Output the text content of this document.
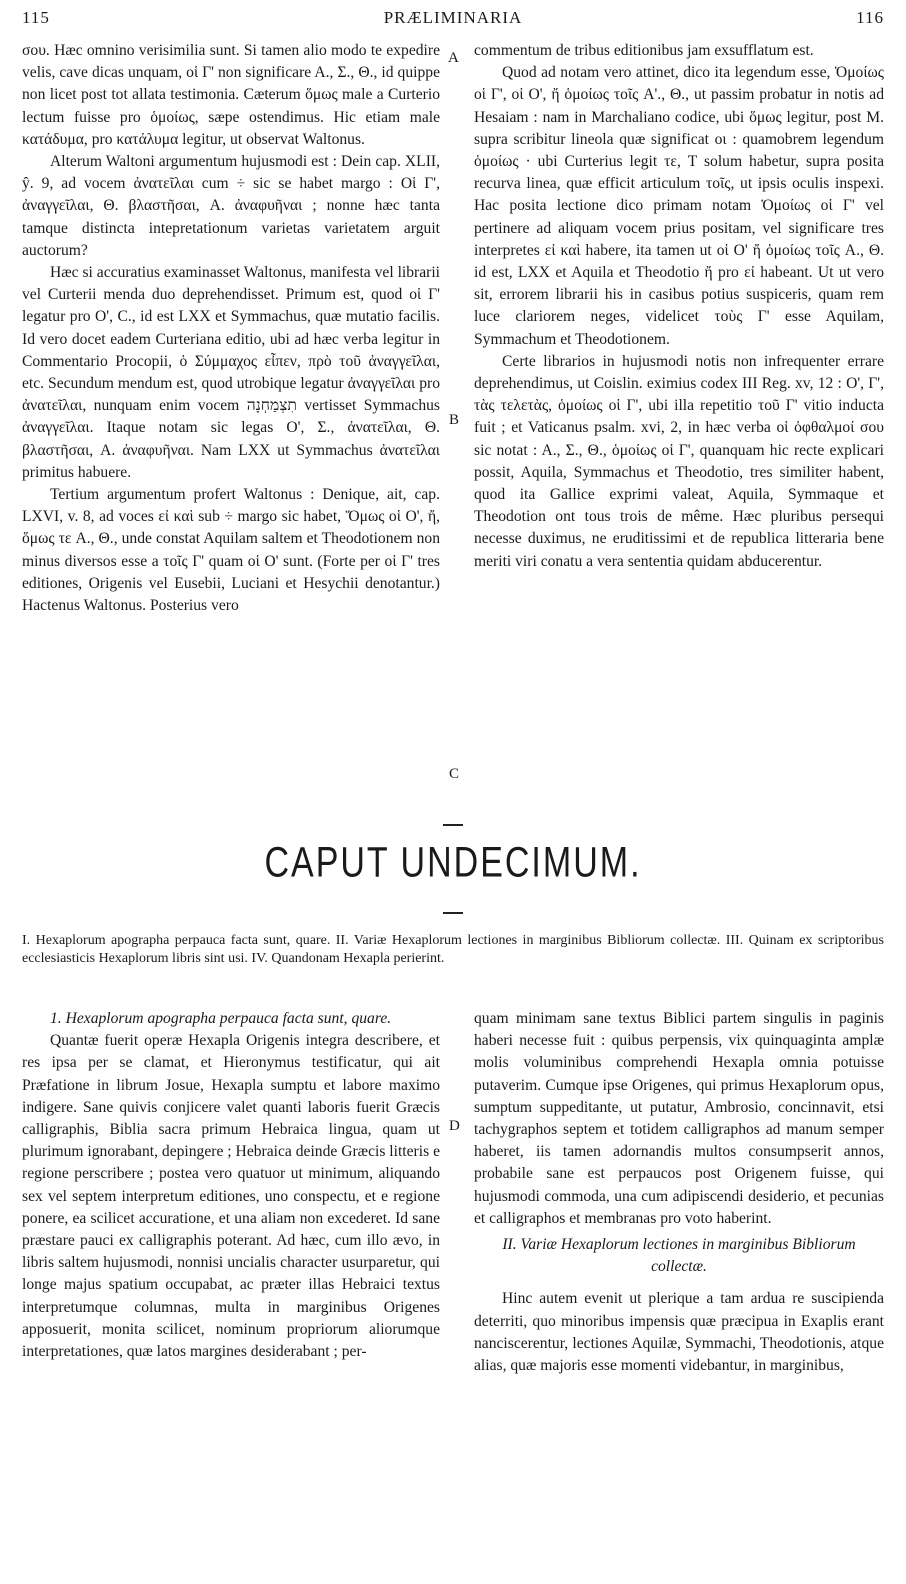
115	PRÆLIMINARIA	116

σου. Hæc omnino verisimilia sunt. Si tamen alio modo te expedire velis, cave dicas unquam, οἱ Γ' non significare A., Σ., Θ., id quippe non licet post tot allata testimonia. Cæterum ὅμως male a Curterio lectum fuisse pro ὁμοίως, sæpe ostendimus. Hic etiam male κατάδυμα, pro κατάλυμα legitur, ut observat Waltonus.

Alterum Waltoni argumentum hujusmodi est : Dein cap. XLII, ŷ. 9, ad vocem ἀνατεῖλαι cum ÷ sic se habet margo : Οἱ Γ', ἀναγγεῖλαι, Θ. βλαστῆσαι, A. ἀναφυῆναι ; nonne hæc tanta tamque distincta intepretationum varietas varietatem arguit auctorum?

Hæc si accuratius examinasset Waltonus, manifesta vel librarii vel Curterii menda duo deprehendisset. Primum est, quod οἱ Γ' legatur pro O', C., id est LXX et Symmachus, quæ mutatio facilis. Id vero docet eadem Curteriana editio, ubi ad hæc verba legitur in Commentario Procopii, ὁ Σύμμαχος εἶπεν, πρὸ τοῦ ἀναγγεῖλαι, etc. Secundum mendum est, quod utrobique legatur ἀναγγεῖλαι pro ἀνατεῖλαι, nunquam enim vocem תִצְמַחְנָה vertisset Symmachus ἀναγγεῖλαι. Itaque notam sic legas O', Σ., ἀνατεῖλαι, Θ. βλαστῆσαι, A. ἀναφυῆναι. Nam LXX ut Symmachus ἀνατεῖλαι primitus habuere.

Tertium argumentum profert Waltonus : Denique, ait, cap. LXVI, v. 8, ad voces εἰ καὶ sub ÷ margo sic habet, Ὅμως οἱ O', ἤ, ὅμως τε A., Θ., unde constat Aquilam saltem et Theodotionem non minus diversos esse a τοῖς Γ' quam οἱ O' sunt. (Forte per οἱ Γ' tres editiones, Origenis vel Eusebii, Luciani et Hesychii denotantur.) Hactenus Waltonus. Posterius vero

commentum de tribus editionibus jam exsufflatum est.

Quod ad notam vero attinet, dico ita legendum esse, Ὁμοίως οἱ Γ', οἱ O', ἤ ὁμοίως τοῖς A'., Θ., ut passim probatur in notis ad Hesaiam : nam in Marchaliano codice, ubi ὅμως legitur, post M. supra scribitur lineola quæ significat οι : quamobrem legendum ὁμοίως · ubi Curterius legit τε, T solum habetur, supra posita recurva linea, quæ efficit articulum τοῖς, ut ipsis oculis inspexi. Hac posita lectione dico primam notam Ὁμοίως οἱ Γ' vel pertinere ad aliquam vocem prius positam, vel significare tres interpretes εἰ καὶ habere, ita tamen ut οἱ O' ἤ ὁμοίως τοῖς A., Θ. id est, LXX et Aquila et Theodotio ἤ pro εἰ habeant. Ut ut vero sit, errorem librarii his in casibus potius suspiceris, quam rem luce clariorem neges, videlicet τοὺς Γ' esse Aquilam, Symmachum et Theodotionem.

Certe librarios in hujusmodi notis non infrequenter errare deprehendimus, ut Coislin. eximius codex III Reg. xv, 12 : O', Γ', τὰς τελετὰς, ὁμοίως οἱ Γ', ubi illa repetitio τοῦ Γ' vitio inducta fuit ; et Vaticanus psalm. xvi, 2, in hæc verba οἱ ὀφθαλμοί σου sic notat : A., Σ., Θ., ὁμοίως οἱ Γ', quanquam hic recte explicari possit, Aquila, Symmachus et Theodotio, tres similiter habent, quod ita Gallice exprimi valeat, Aquila, Symmaque et Theodotion ont tous trois de même. Hæc pluribus persequi necesse duximus, ne eruditissimi et de republica litteraria bene meriti viri conatu a vera sententia quidam abducerentur.

A
B
C
D
CAPUT UNDECIMUM.
I. Hexaplorum apographa perpauca facta sunt, quare. II. Variæ Hexaplorum lectiones in marginibus Bibliorum collectæ. III. Quinam ex scriptoribus ecclesiasticis Hexaplorum libris sint usi. IV. Quandonam Hexapla perierint.

1. Hexaplorum apographa perpauca facta sunt, quare.

Quantæ fuerit operæ Hexapla Origenis integra describere, et res ipsa per se clamat, et Hieronymus testificatur, qui ait Præfatione in librum Josue, Hexapla sumptu et labore maximo indigere. Sane quivis conjicere valet quanti laboris fuerit Græcis calligraphis, Biblia sacra primum Hebraica lingua, quam ut plurimum ignorabant, depingere ; Hebraica deinde Græcis litteris e regione perscribere ; postea vero quatuor ut minimum, aliquando sex vel septem interpretum editiones, uno conspectu, et e regione ponere, ea scilicet accuratione, et una aliam non excederet. Id sane præstare pauci ex calligraphis poterant. Ad hæc, cum illo ævo, in libris saltem hujusmodi, nonnisi uncialis character usurparetur, qui longe majus spatium occupabat, ac præter illas Hebraici textus interpretumque columnas, multa in marginibus Origenes apposuerit, monita scilicet, nominum propriorum aliorumque interpretationes, quæ latos margines desiderabant ; per-

quam minimam sane textus Biblici partem singulis in paginis haberi necesse fuit : quibus perpensis, vix quinquaginta amplæ molis voluminibus comprehendi Hexapla omnia potuisse putaverim. Cumque ipse Origenes, qui primus Hexaplorum opus, sumptum suppeditante, ut putatur, Ambrosio, concinnavit, etsi tachygraphos septem et totidem calligraphos ad manum semper haberet, iis tamen adornandis multos consumpserit annos, probabile sane est perpaucos post Origenem fuisse, qui hujusmodi commoda, una cum adipiscendi desiderio, et pecunias et calligraphos et membranas pro voto haberint.

II. Variæ Hexaplorum lectiones in marginibus Bibliorum collectæ.

Hinc autem evenit ut plerique a tam ardua re suscipienda deterriti, quo minoribus impensis quæ præcipua in Exaplis erant nanciscerentur, lectiones Aquilæ, Symmachi, Theodotionis, atque alias, quæ majoris esse momenti videbantur, in marginibus,
